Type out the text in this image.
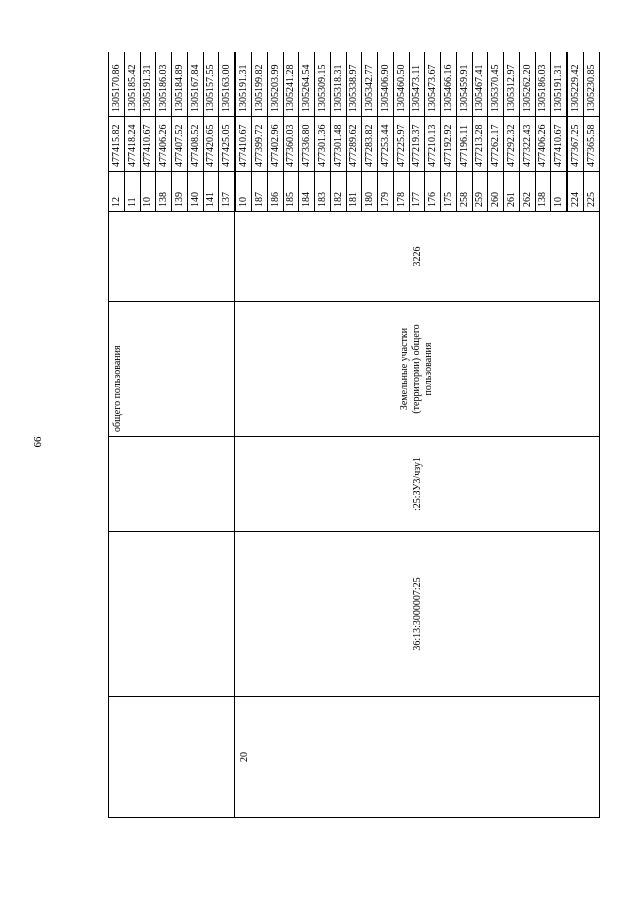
66
			общего пользования		12	477415.82	1305170.86
					11	477418.24	1305185.42
					10	477410.67	1305191.31
					138	477406.26	1305186.03
					139	477407.52	1305184.89
					140	477408.52	1305167.84
					141	477420.65	1305157.55
					137	477425.05	1305163.00
20	36:13:3000007:25	:25:ЗУ3/чзу1	Земельные участки (территории) общего пользования	3226			
					10	477410.67	1305191.31
					187	477399.72	1305199.82
					186	477402.96	1305203.99
					185	477360.03	1305241.28
					184	477336.80	1305264.54
					183	477301.36	1305309.15
					182	477301.48	1305318.31
					181	477289.62	1305338.97
					180	477283.82	1305342.77
					179	477253.44	1305406.90
					178	477225.97	1305460.50
					177	477219.37	1305473.11
					176	477210.13	1305473.67
					175	477192.92	1305466.16
					258	477196.11	1305459.91
					259	477213.28	1305467.41
					260	477262.17	1305370.45
					261	477292.32	1305312.97
					262	477322.43	1305262.20
					138	477406.26	1305186.03
					10	477410.67	1305191.31

					224	477367.25	1305229.42
					225	477365.58	1305230.85
